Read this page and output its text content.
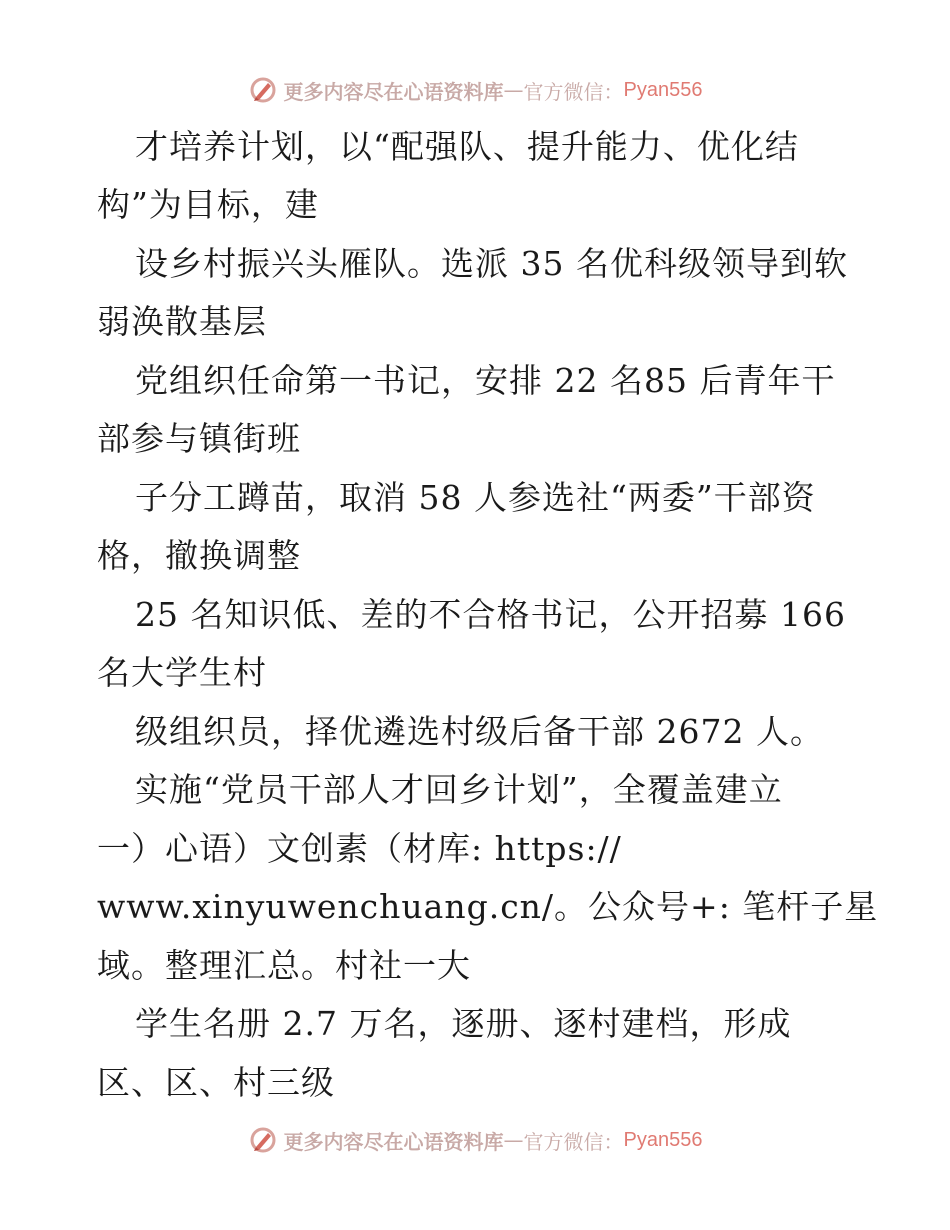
更多内容尽在心语资料库 — 官方微信： Pyan556
才培养计划，以“配强队、提升能力、优化结
构”为目标，建
设乡村振兴头雁队。选派 35 名优科级领导到软
弱涣散基层
党组织任命第一书记，安排 22 名85 后青年干
部参与镇街班
子分工蹲苗，取消 58 人参选社“两委”干部资
格，撤换调整
25 名知识低、差的不合格书记，公开招募 166
名大学生村
级组织员，择优遴选村级后备干部 2672 人。
实施“党员干部人才回乡计划”，全覆盖建立
一）心语）文创素（材库: https://
www.xinyuwenchuang.cn/。公众号+: 笔杆子星
域。整理汇总。村社一大
学生名册 2.7 万名，逐册、逐村建档，形成
区、区、村三级
更多内容尽在心语资料库 — 官方微信： Pyan556
